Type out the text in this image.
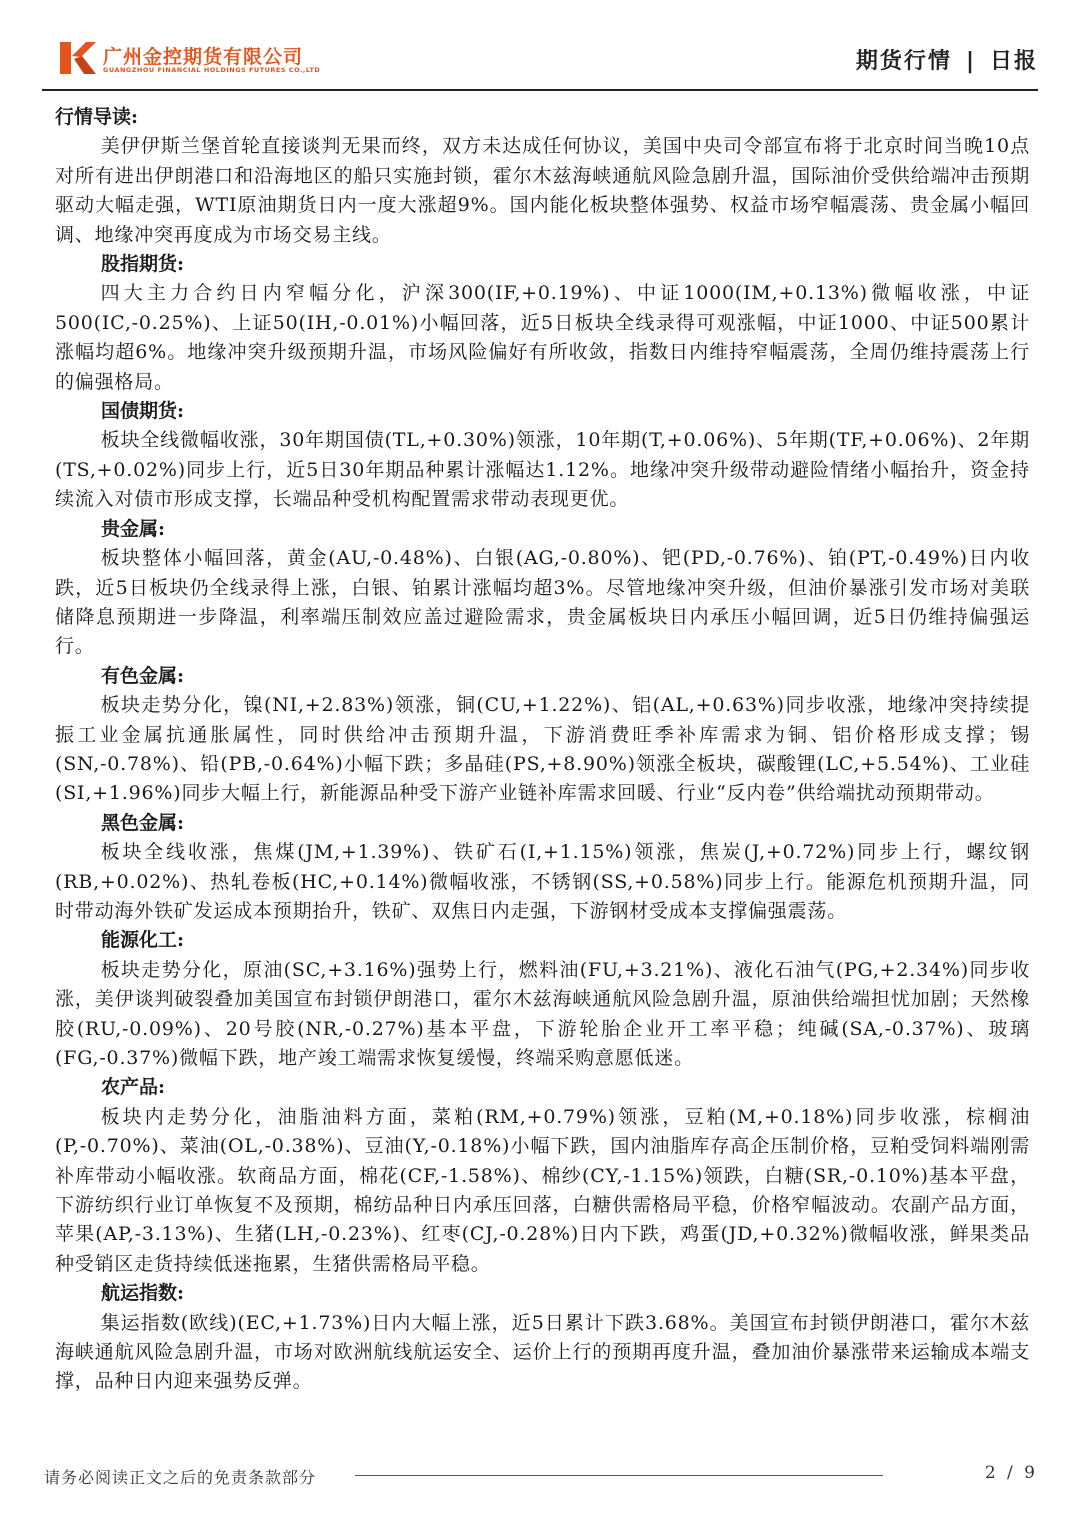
广州金控期货有限公司
GUANGZHOU FINANCIAL HOLDINGS FUTURES CO.,LTD	期货行情 | 日报
行情导读:

美伊伊斯兰堡首轮直接谈判无果而终，双方未达成任何协议，美国中央司令部宣布将于北京时间当晚10点对所有进出伊朗港口和沿海地区的船只实施封锁，霍尔木兹海峡通航风险急剧升温，国际油价受供给端冲击预期驱动大幅走强，WTI原油期货日内一度大涨超9%。国内能化板块整体强势、权益市场窄幅震荡、贵金属小幅回调、地缘冲突再度成为市场交易主线。

股指期货:

四大主力合约日内窄幅分化，沪深300(IF,+0.19%)、中证1000(IM,+0.13%)微幅收涨，中证500(IC,-0.25%)、上证50(IH,-0.01%)小幅回落，近5日板块全线录得可观涨幅，中证1000、中证500累计涨幅均超6%。地缘冲突升级预期升温，市场风险偏好有所收敛，指数日内维持窄幅震荡，全周仍维持震荡上行的偏强格局。

国债期货:

板块全线微幅收涨，30年期国债(TL,+0.30%)领涨，10年期(T,+0.06%)、5年期(TF,+0.06%)、2年期(TS,+0.02%)同步上行，近5日30年期品种累计涨幅达1.12%。地缘冲突升级带动避险情绪小幅抬升，资金持续流入对债市形成支撑，长端品种受机构配置需求带动表现更优。

贵金属:

板块整体小幅回落，黄金(AU,-0.48%)、白银(AG,-0.80%)、钯(PD,-0.76%)、铂(PT,-0.49%)日内收跌，近5日板块仍全线录得上涨，白银、铂累计涨幅均超3%。尽管地缘冲突升级，但油价暴涨引发市场对美联储降息预期进一步降温，利率端压制效应盖过避险需求，贵金属板块日内承压小幅回调，近5日仍维持偏强运行。

有色金属:

板块走势分化，镍(NI,+2.83%)领涨，铜(CU,+1.22%)、铝(AL,+0.63%)同步收涨，地缘冲突持续提振工业金属抗通胀属性，同时供给冲击预期升温，下游消费旺季补库需求为铜、铝价格形成支撑；锡(SN,-0.78%)、铅(PB,-0.64%)小幅下跌；多晶硅(PS,+8.90%)领涨全板块，碳酸锂(LC,+5.54%)、工业硅(SI,+1.96%)同步大幅上行，新能源品种受下游产业链补库需求回暖、行业“反内卷”供给端扰动预期带动。

黑色金属:

板块全线收涨，焦煤(JM,+1.39%)、铁矿石(I,+1.15%)领涨，焦炭(J,+0.72%)同步上行，螺纹钢(RB,+0.02%)、热轧卷板(HC,+0.14%)微幅收涨，不锈钢(SS,+0.58%)同步上行。能源危机预期升温，同时带动海外铁矿发运成本预期抬升，铁矿、双焦日内走强，下游钢材受成本支撑偏强震荡。

能源化工:

板块走势分化，原油(SC,+3.16%)强势上行，燃料油(FU,+3.21%)、液化石油气(PG,+2.34%)同步收涨，美伊谈判破裂叠加美国宣布封锁伊朗港口，霍尔木兹海峡通航风险急剧升温，原油供给端担忧加剧；天然橡胶(RU,-0.09%)、20号胶(NR,-0.27%)基本平盘，下游轮胎企业开工率平稳；纯碱(SA,-0.37%)、玻璃(FG,-0.37%)微幅下跌，地产竣工端需求恢复缓慢，终端采购意愿低迷。

农产品:

板块内走势分化，油脂油料方面，菜粕(RM,+0.79%)领涨，豆粕(M,+0.18%)同步收涨，棕榈油(P,-0.70%)、菜油(OL,-0.38%)、豆油(Y,-0.18%)小幅下跌，国内油脂库存高企压制价格，豆粕受饲料端刚需补库带动小幅收涨。软商品方面，棉花(CF,-1.58%)、棉纱(CY,-1.15%)领跌，白糖(SR,-0.10%)基本平盘，下游纺织行业订单恢复不及预期，棉纺品种日内承压回落，白糖供需格局平稳，价格窄幅波动。农副产品方面，苹果(AP,-3.13%)、生猪(LH,-0.23%)、红枣(CJ,-0.28%)日内下跌，鸡蛋(JD,+0.32%)微幅收涨，鲜果类品种受销区走货持续低迷拖累，生猪供需格局平稳。

航运指数:

集运指数(欧线)(EC,+1.73%)日内大幅上涨，近5日累计下跌3.68%。美国宣布封锁伊朗港口，霍尔木兹海峡通航风险急剧升温，市场对欧洲航线航运安全、运价上行的预期再度升温，叠加油价暴涨带来运输成本端支撑，品种日内迎来强势反弹。

请务必阅读正文之后的免责条款部分	2 / 9
